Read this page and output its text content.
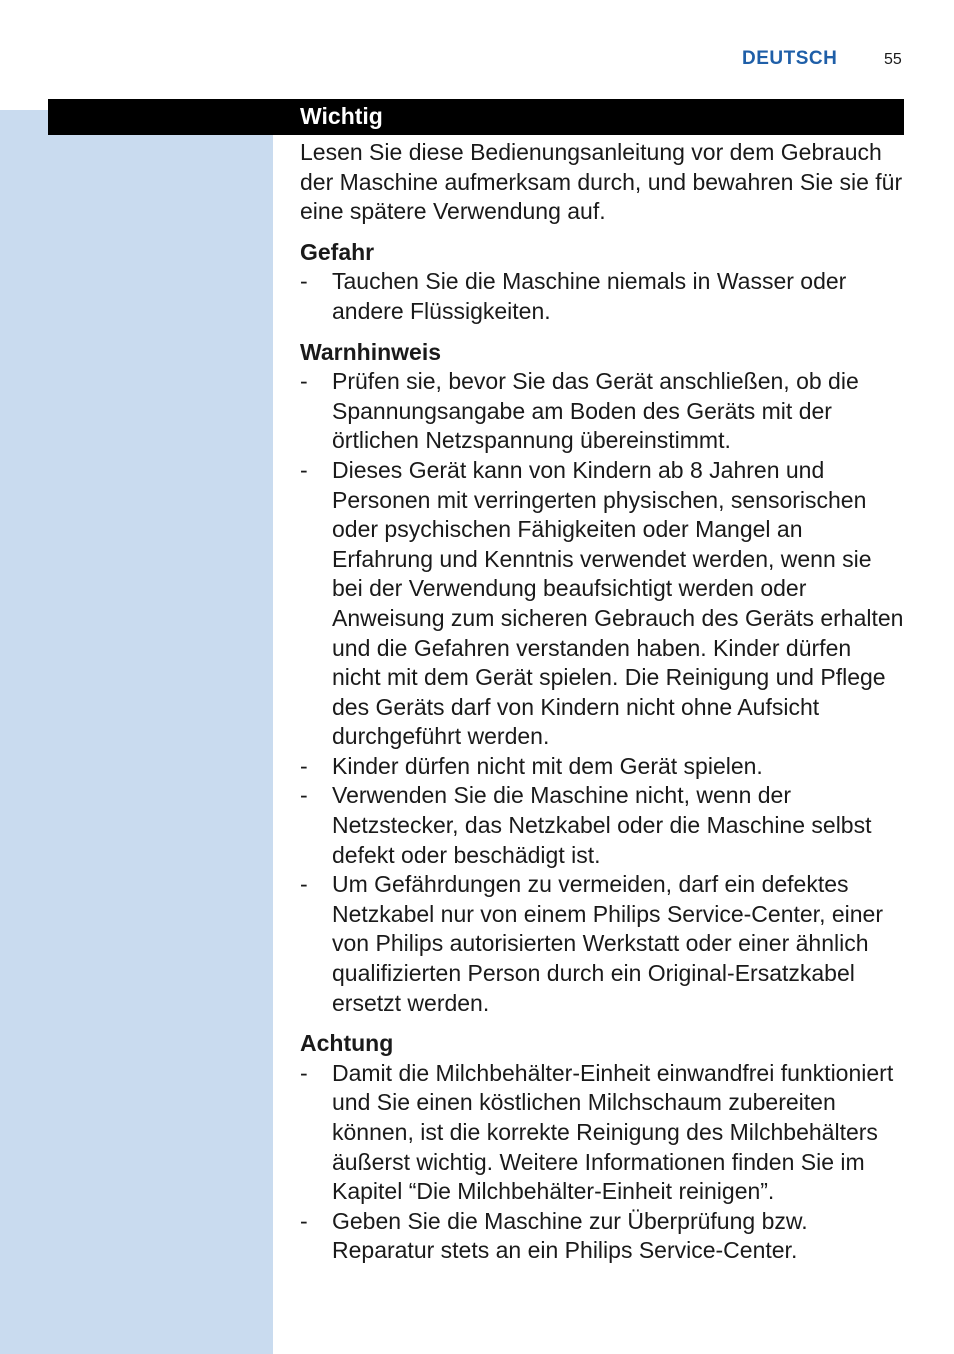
DEUTSCH	55
Wichtig

Lesen Sie diese Bedienungsanleitung vor dem Gebrauch der Maschine aufmerksam durch, und bewahren Sie sie für eine spätere Verwendung auf.

Gefahr
- Tauchen Sie die Maschine niemals in Wasser oder andere Flüssigkeiten.
Warnhinweis
- Prüfen sie, bevor Sie das Gerät anschließen, ob die Spannungsangabe am Boden des Geräts mit der örtlichen Netzspannung übereinstimmt.
- Dieses Gerät kann von Kindern ab 8 Jahren und Personen mit verringerten physischen, sensorischen oder psychischen Fähigkeiten oder Mangel an Erfahrung und Kenntnis verwendet werden, wenn sie bei der Verwendung beaufsichtigt werden oder Anweisung zum sicheren Gebrauch des Geräts erhalten und die Gefahren verstanden haben. Kinder dürfen nicht mit dem Gerät spielen. Die Reinigung und Pflege des Geräts darf von Kindern nicht ohne Aufsicht durchgeführt werden.
- Kinder dürfen nicht mit dem Gerät spielen.
- Verwenden Sie die Maschine nicht, wenn der Netzstecker, das Netzkabel oder die Maschine selbst defekt oder beschädigt ist.
- Um Gefährdungen zu vermeiden, darf ein defektes Netzkabel nur von einem Philips Service-Center, einer von Philips autorisierten Werkstatt oder einer ähnlich qualifizierten Person durch ein Original-Ersatzkabel ersetzt werden.
Achtung
- Damit die Milchbehälter-Einheit einwandfrei funktioniert und Sie einen köstlichen Milchschaum zubereiten können, ist die korrekte Reinigung des Milchbehälters äußerst wichtig. Weitere Informationen finden Sie im Kapitel “Die Milchbehälter-Einheit reinigen”.
- Geben Sie die Maschine zur Überprüfung bzw. Reparatur stets an ein Philips Service-Center.
